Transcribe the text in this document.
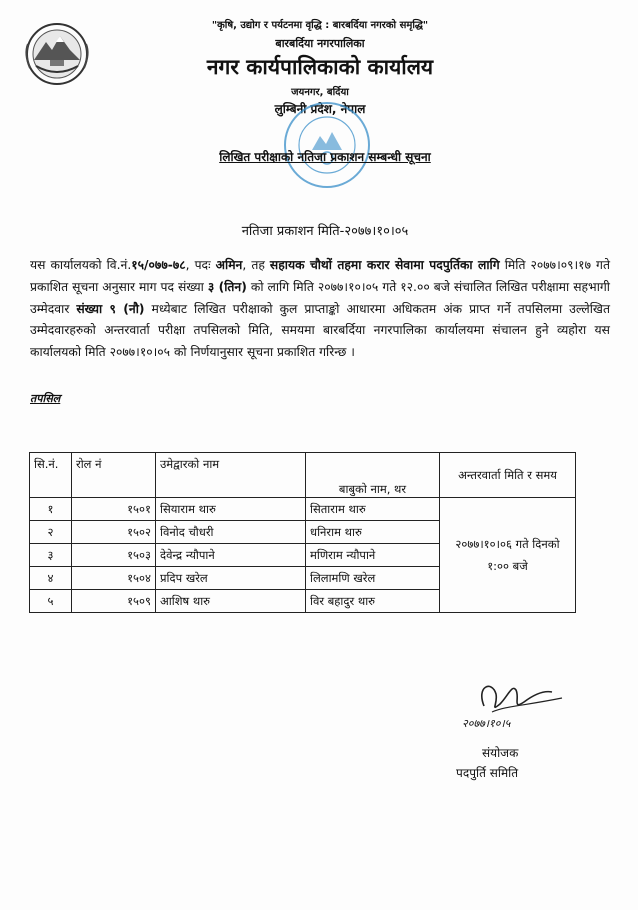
"कृषि, उद्योग र पर्यटनमा वृद्धि : बारबर्दिया नगरको समृद्धि"
बारबर्दिया नगरपालिका
नगर कार्यपालिकाको कार्यालय
जयनगर, बर्दिया
लुम्बिनी प्रदेश, नेपाल
लिखित परीक्षाको नतिजा प्रकाशन सम्बन्धी सूचना
नतिजा प्रकाशन मिति-२०७७।१०।०५
यस कार्यालयको वि.नं.१५/०७७-७८, पदः अमिन, तह सहायक चौथों तहमा करार सेवामा पदपुर्तिका लागि मिति २०७७।०९।१७ गते प्रकाशित सूचना अनुसार माग पद संख्या ३ (तिन) को लागि मिति २०७७।१०।०५ गते १२.०० बजे संचालित लिखित परीक्षामा सहभागी उम्मेदवार संख्या ९ (नौ) मध्येबाट लिखित परीक्षाको कुल प्राप्ताङ्को आधारमा अधिकतम अंक प्राप्त गर्ने तपसिलमा उल्लेखित उम्मेदवारहरुको अन्तरवार्ता परीक्षा तपसिलको मिति, समयमा बारबर्दिया नगरपालिका कार्यालयमा संचालन हुने व्यहोरा यस कार्यालयको मिति २०७७।१०।०५ को निर्णयानुसार सूचना प्रकाशित गरिन्छ ।
तपसिल
सि.नं.	रोल नं	उमेद्वारको नाम	बाबुको नाम, थर	अन्तरवार्ता मिति र समय
१	१५०१	सियाराम थारु	सिताराम थारु	२०७७।१०।०६ गते दिनको
१:०० बजे

२	१५०२	विनोद चौधरी	धनिराम थारु	
३	१५०३	देवेन्द्र न्यौपाने	मणिराम न्यौपाने	
४	१५०४	प्रदिप खरेल	लिलामणि खरेल	
५	१५०९	आशिष थारु	विर बहादुर थारु	
२०७७।१०।५
संयोजक
पदपुर्ति समिति
